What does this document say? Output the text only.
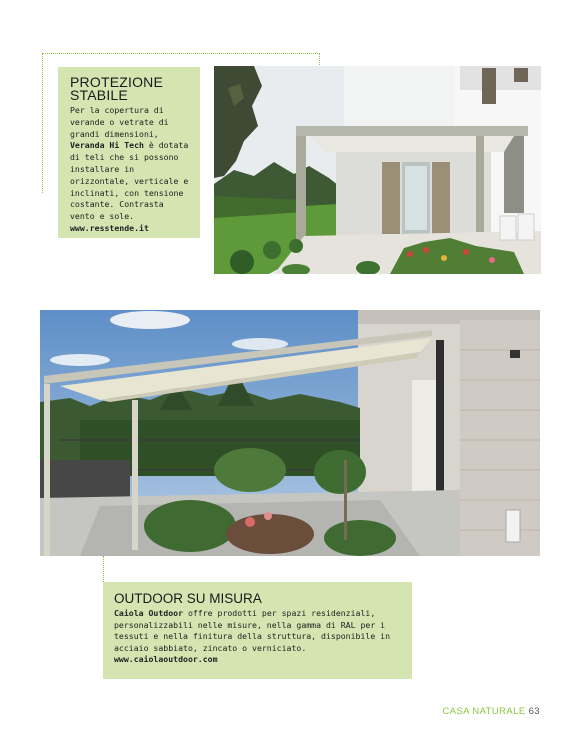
PROTEZIONE STABILE

Per la copertura di verande o vetrate di grandi dimensioni, Veranda Hi Tech è dotata di teli che si possono installare in orizzontale, verticale e inclinati, con tensione costante. Contrasta vento e sole. www.resstende.it

OUTDOOR SU MISURA

Caiola Outdoor offre prodotti per spazi residenziali, personalizzabili nelle misure, nella gamma di RAL per i tessuti e nella finitura della struttura, disponibile in acciaio sabbiato, zincato o verniciato.
www.caiolaoutdoor.com

CASA NATURALE 63
